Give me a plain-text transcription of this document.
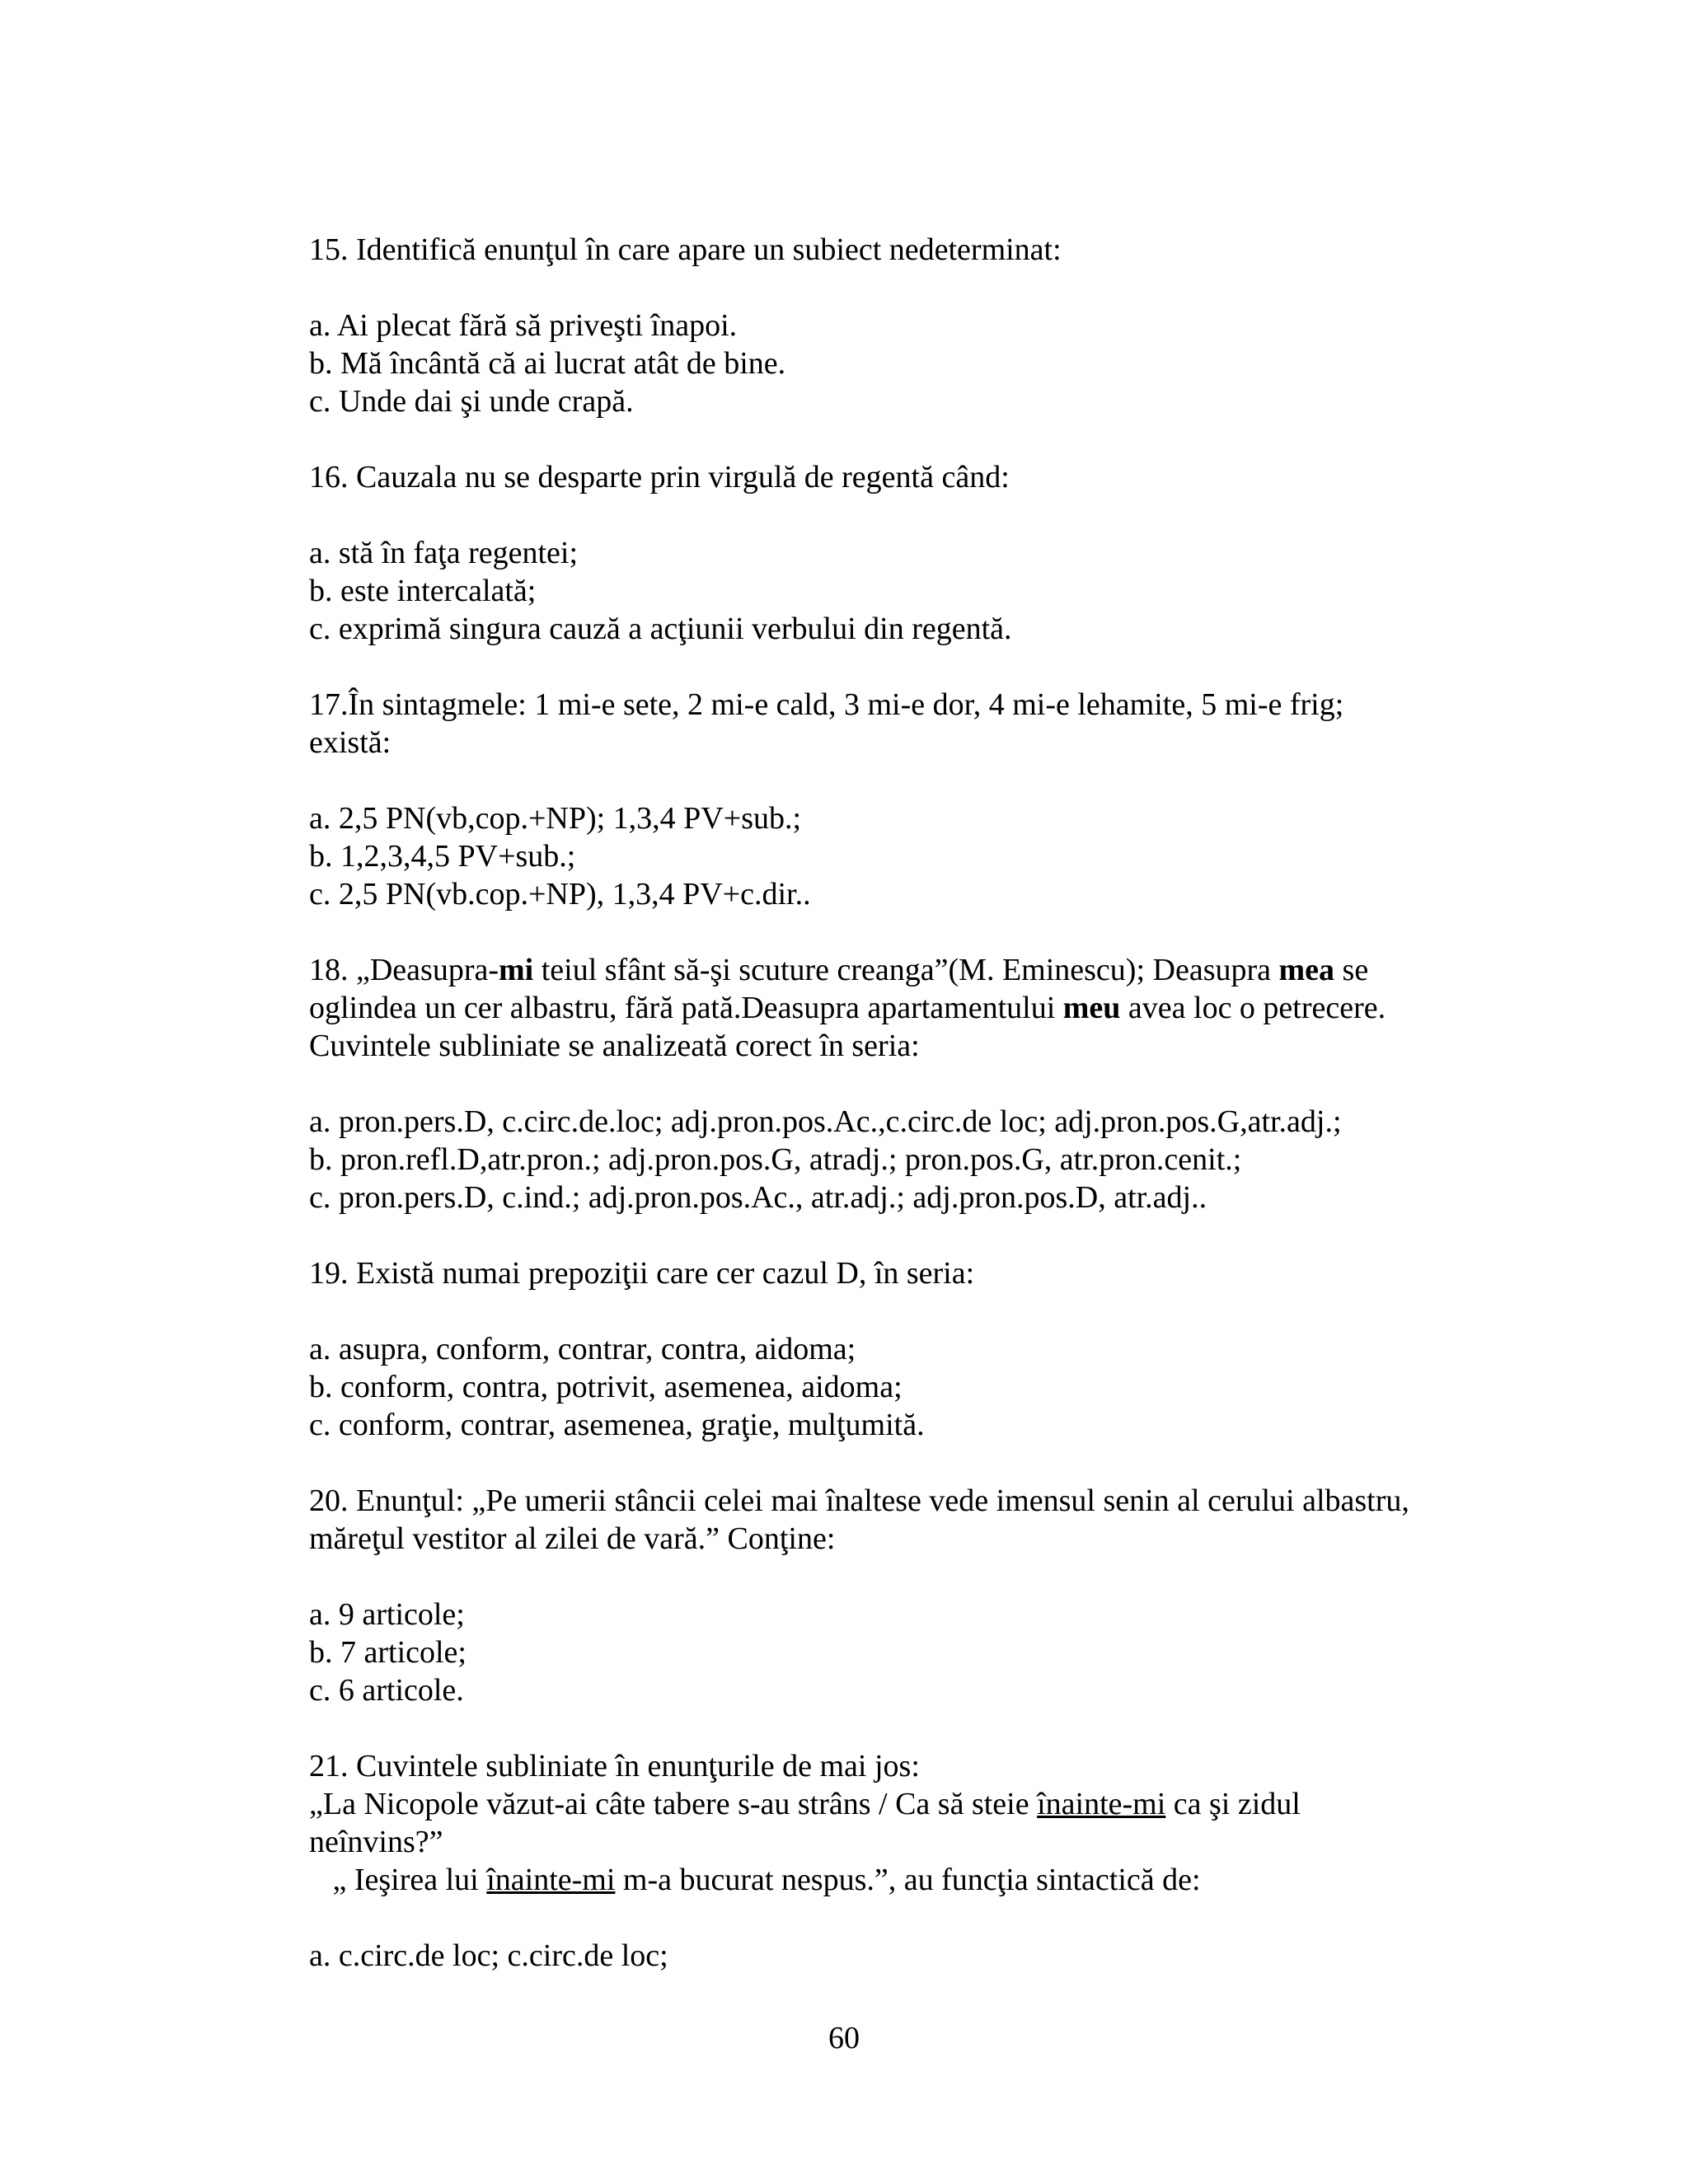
15. Identifică enunţul în care apare un subiect nedeterminat:

a. Ai plecat fără să priveşti înapoi.

b. Mă încântă că ai lucrat atât de bine.

c. Unde dai şi unde crapă.

16. Cauzala nu se desparte prin virgulă de regentă când:

a. stă în faţa regentei;

b. este intercalată;

c. exprimă singura cauză a acţiunii verbului din regentă.

17.În sintagmele: 1 mi-e sete, 2 mi-e cald, 3 mi-e dor, 4 mi-e lehamite, 5 mi-e frig;

există:

a. 2,5 PN(vb,cop.+NP); 1,3,4 PV+sub.;

b. 1,2,3,4,5 PV+sub.;

c. 2,5 PN(vb.cop.+NP), 1,3,4 PV+c.dir..

18. „Deasupra-mi teiul sfânt să-şi scuture creanga”(M. Eminescu); Deasupra mea se

oglindea un cer albastru, fără pată.Deasupra apartamentului meu avea loc o petrecere.

Cuvintele subliniate se analizeată corect în seria:

a. pron.pers.D, c.circ.de.loc; adj.pron.pos.Ac.,c.circ.de loc; adj.pron.pos.G,atr.adj.;

b. pron.refl.D,atr.pron.; adj.pron.pos.G, atradj.; pron.pos.G, atr.pron.cenit.;

c. pron.pers.D, c.ind.; adj.pron.pos.Ac., atr.adj.; adj.pron.pos.D, atr.adj..

19. Există numai prepoziţii care cer cazul D, în seria:

a. asupra, conform, contrar, contra, aidoma;

b. conform, contra, potrivit, asemenea, aidoma;

c. conform, contrar, asemenea, graţie, mulţumită.

20. Enunţul: „Pe umerii stâncii celei mai înaltese vede imensul senin al cerului albastru,

măreţul vestitor al zilei de vară.” Conţine:

a. 9 articole;

b. 7 articole;

c. 6 articole.

21. Cuvintele subliniate în enunţurile de mai jos:

„La Nicopole văzut-ai câte tabere s-au strâns / Ca să steie înainte-mi ca şi zidul

neînvins?”

„ Ieşirea lui înainte-mi m-a bucurat nespus.”, au funcţia sintactică de:

a. c.circ.de loc; c.circ.de loc;

60
